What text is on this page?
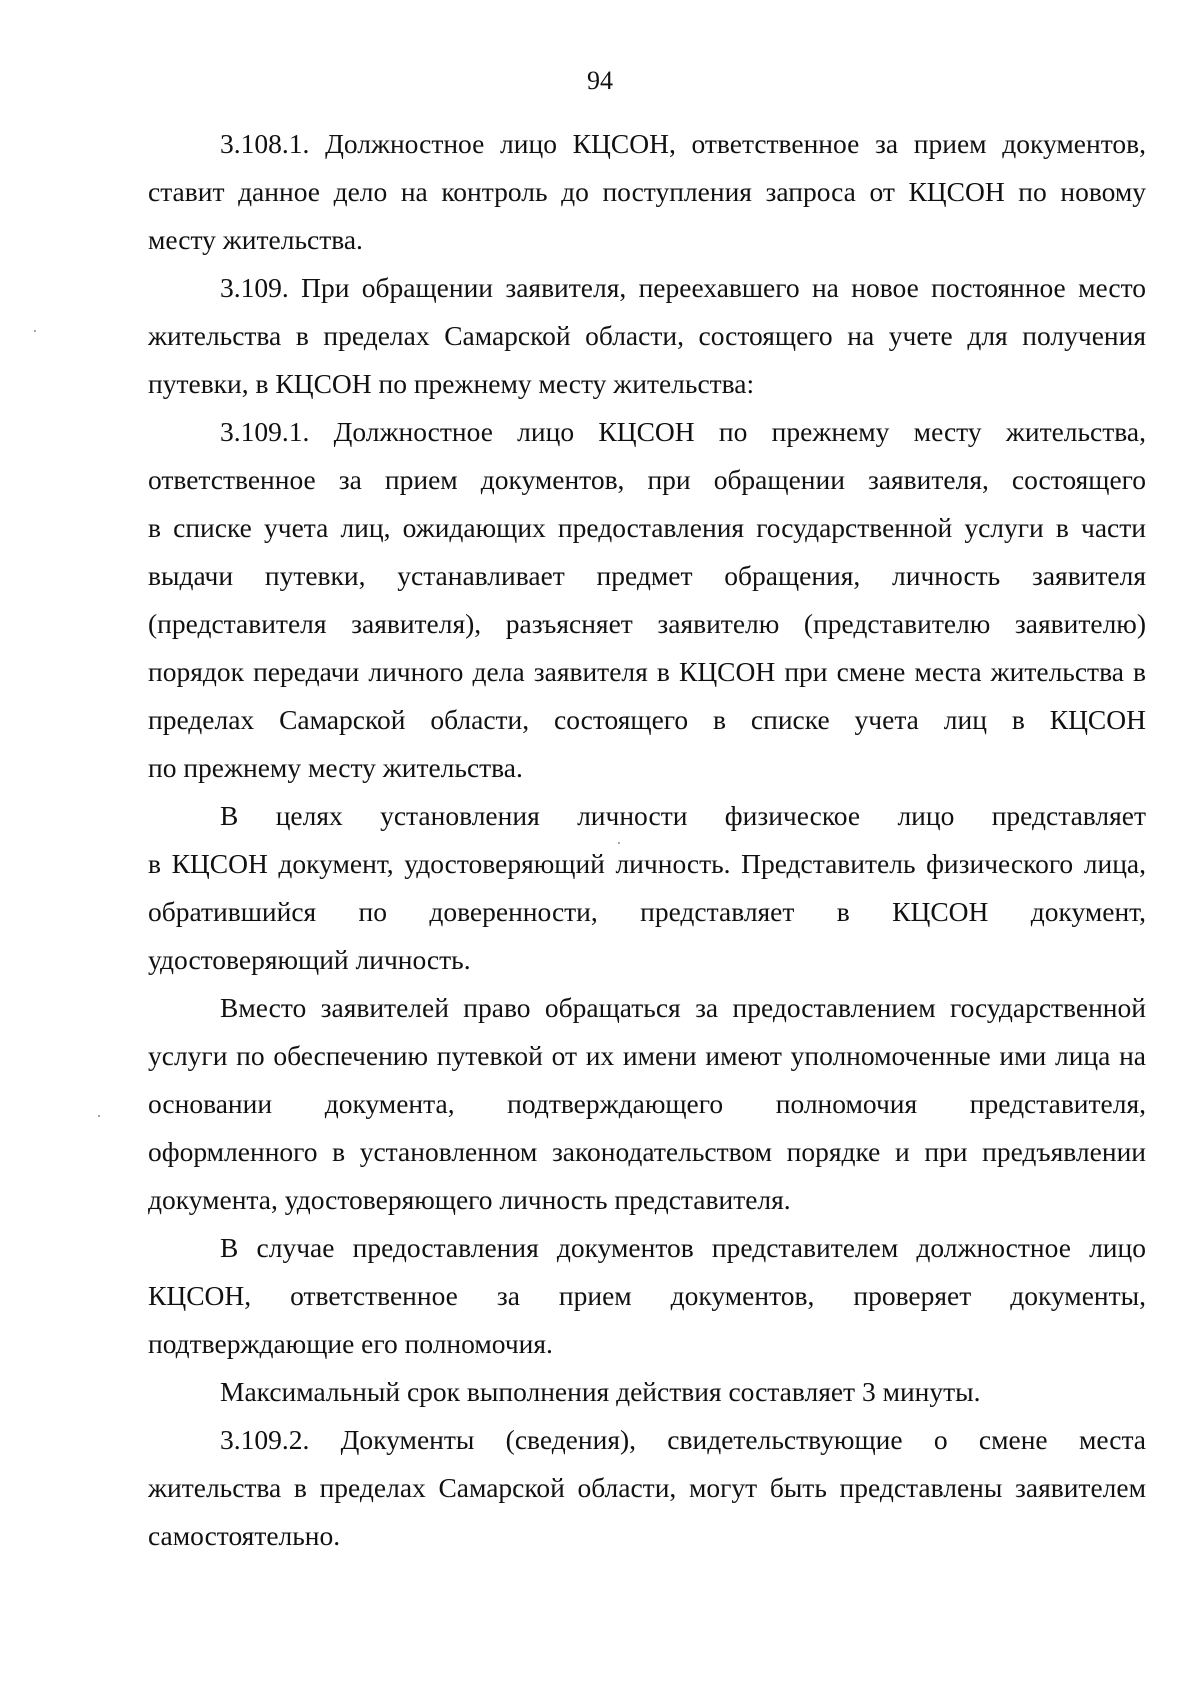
94
3.108.1. Должностное лицо КЦСОН, ответственное за прием документов,
ставит данное дело на контроль до поступления запроса от КЦСОН по новому
месту жительства.
3.109. При обращении заявителя, переехавшего на новое постоянное место
жительства в пределах Самарской области, состоящего на учете для получения
путевки, в КЦСОН по прежнему месту жительства:
3.109.1. Должностное лицо КЦСОН по прежнему месту жительства,
ответственное за прием документов, при обращении заявителя, состоящего
в списке учета лиц, ожидающих предоставления государственной услуги в части
выдачи путевки, устанавливает предмет обращения, личность заявителя
(представителя заявителя), разъясняет заявителю (представителю заявителю)
порядок передачи личного дела заявителя в КЦСОН при смене места жительства в
пределах Самарской области, состоящего в списке учета лиц в КЦСОН
по прежнему месту жительства.
В целях установления личности физическое лицо представляет
в КЦСОН документ, удостоверяющий личность. Представитель физического лица,
обратившийся по доверенности, представляет в КЦСОН документ,
удостоверяющий личность.
Вместо заявителей право обращаться за предоставлением государственной
услуги по обеспечению путевкой от их имени имеют уполномоченные ими лица на
основании документа, подтверждающего полномочия представителя,
оформленного в установленном законодательством порядке и при предъявлении
документа, удостоверяющего личность представителя.
В случае предоставления документов представителем должностное лицо
КЦСОН, ответственное за прием документов, проверяет документы,
подтверждающие его полномочия.
Максимальный срок выполнения действия составляет 3 минуты.
3.109.2. Документы (сведения), свидетельствующие о смене места
жительства в пределах Самарской области, могут быть представлены заявителем
самостоятельно.
